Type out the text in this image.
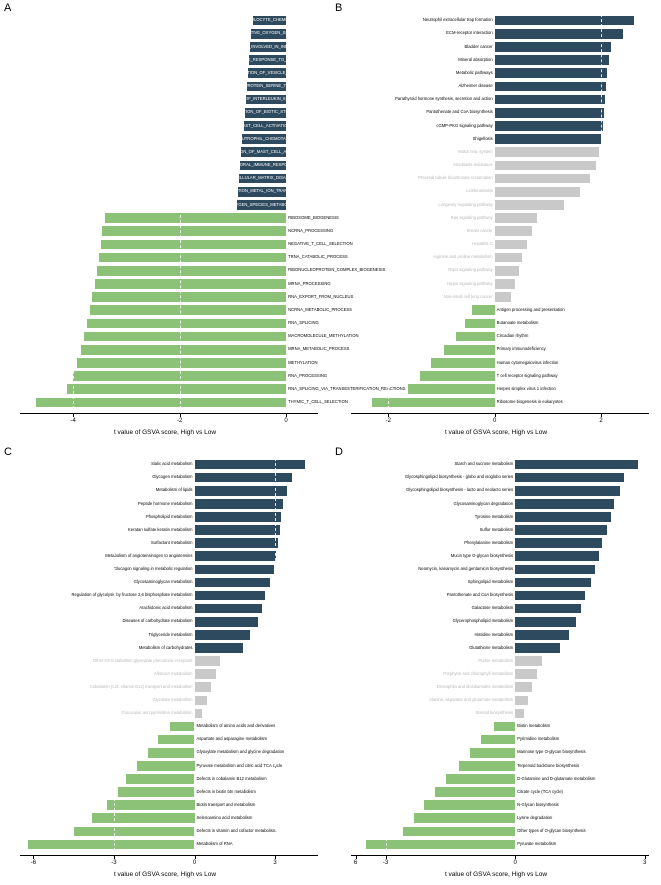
A
GRANULOCYTE_CHEMOTAXIS
POSITIVE_REGULATION_OF_REACTIVE_OXYGEN_SPECIES_BIOSYNTHETIC_PROCESS
LEUKOCYTE_ACTIVATION_INVOLVED_IN_INFLAMMATORY_RESPONSE
DEFENSE_RESPONSE_TO_FUNGUS
REGULATION_OF_VESICLE_FUSION
POSITIVE_REGULATION_OF_PROTEIN_SERINE_THREONINE_KINASE_ACTIVITY
REGULATION_OF_INTERLEUKIN_6_PRODUCTION
DETECTION_OF_BIOTIC_STIMULUS
MAST_CELL_ACTIVATION
NEUTROPHIL_CHEMOTAXIS
REGULATION_OF_MAST_CELL_ACTIVATION
HUMORAL_IMMUNE_RESPONSE
EXTRACELLULAR_MATRIX_DISASSEMBLY
TRANSITION_METAL_ION_TRANSPORT
REACTIVE_OXYGEN_SPECIES_METABOLIC_PROCESS
RIBOSOME_BIOGENESIS
NCRNA_PROCESSING
NEGATIVE_T_CELL_SELECTION
TRNA_CATABOLIC_PROCESS
RIBONUCLEOPROTEIN_COMPLEX_BIOGENESIS
MRNA_PROCESSING
RNA_EXPORT_FROM_NUCLEUS
NCRNA_METABOLIC_PROCESS
RNA_SPLICING
MACROMOLECULE_METHYLATION
MRNA_METABOLIC_PROCESS
METHYLATION
RNA_PROCESSING
RNA_SPLICING_VIA_TRANSESTERIFICATION_REACTIONS
THYMIC_T_CELL_SELECTION
-4	-2	0
t value of GSVA score, High vs Low
B
Neutrophil extracellular trap formation
ECM-receptor interaction
Bladder cancer
Mineral absorption
Metabolic pathways
Alzheimer disease
Parathyroid hormone synthesis, secretion and action
Pantothenate and CoA biosynthesis
cGMP-PKG signaling pathway
Shigellosis
Motor rela; system
Amebiasis resistance
Proximal tubule bicarbonate reclamation
Leishmaniasis
Longevity regulating pathway
Ras signaling pathway
Breast cancer
Hepatitis C
Arginine and proline metabolism
Rap1 signaling pathway
Hippo signaling pathway
Non-small cell lung cancer
Antigen processing and presentation
Butanoate metabolism
Circadian rhythm
Primary immunodeficiency
Human cytomegalovirus infection
T cell receptor signaling pathway
Herpes simplex virus 1 infection
Ribosome biogenesis in eukaryotes
-2	0	2
t value of GSVA score, High vs Low
C
Sialic acid metabolism
Glycogen metabolism
Metabolism of lipids
Peptide hormone metabolism
Phospholipid metabolism
Keratan sulfate keratin metabolism
Surfactant metabolism
Metabolism of angiotensinogen to angiotensins
Glucagon signaling in metabolic regulation
Glycosaminoglycan metabolism
Regulation of glycolysis by fructose 2,6 bisphosphate metabolism
Arachidonic acid metabolism
Diseases of carbohydrate metabolism
Triglyceride metabolism
Metabolism of carbohydrates
Other C6 metabolism glyoxylate phenotonic receptors
Aflatoxin metabolism
Cobalamin (Cbl, vitamin B12) transport and metabolism
Glycolate metabolism
Glucuronic and pyrimidine metabolism
Metabolism of amino acids and derivatives
Aspartate and asparagine metabolism
Glyoxylate metabolism and glycine degradation
Pyruvate metabolism and citric acid TCA cycle
Defects in cobalamin B12 metabolism
Defects in biotin btn metabolism
Biotin transport and metabolism
Selenoamino acid metabolism
Defects in vitamin and cofactor metabolism
Metabolism of RNA
-6	-3	0	3	6
t value of GSVA score, High vs Low
D
Starch and sucrose metabolism
Glycosphingolipid biosynthesis - globo and isoglobo series
Glycosphingolipid biosynthesis - lacto and neolacto series
Glycosaminoglycan degradation
Tyrosine metabolism
Sulfur metabolism
Phenylalanine metabolism
Mucin type O-glycan biosynthesis
Neomycin, kanamycin and gentamicin biosynthesis
Sphingolipid metabolism
Pantothenate and CoA biosynthesis
Galactose metabolism
Glycerophospholipid metabolism
Histidine metabolism
Glutathione metabolism
Purine metabolism
Porphyrin and chlorophyll metabolism
Drosophila and diosdiamides metabolism
Alanine, aspartate and glutamate metabolism
Steroid biosynthesis
Biotin metabolism
Pyrimidine metabolism
Mannose type O-glycan biosynthesis
Terpenoid backbone biosynthesis
D-Glutamine and D-glutamate metabolism
Citrate cycle (TCA cycle)
N-Glycan biosynthesis
Lysine degradation
Other types of O-glycan biosynthesis
Pyruvate metabolism
-3	0	3
t value of GSVA score, High vs Low
